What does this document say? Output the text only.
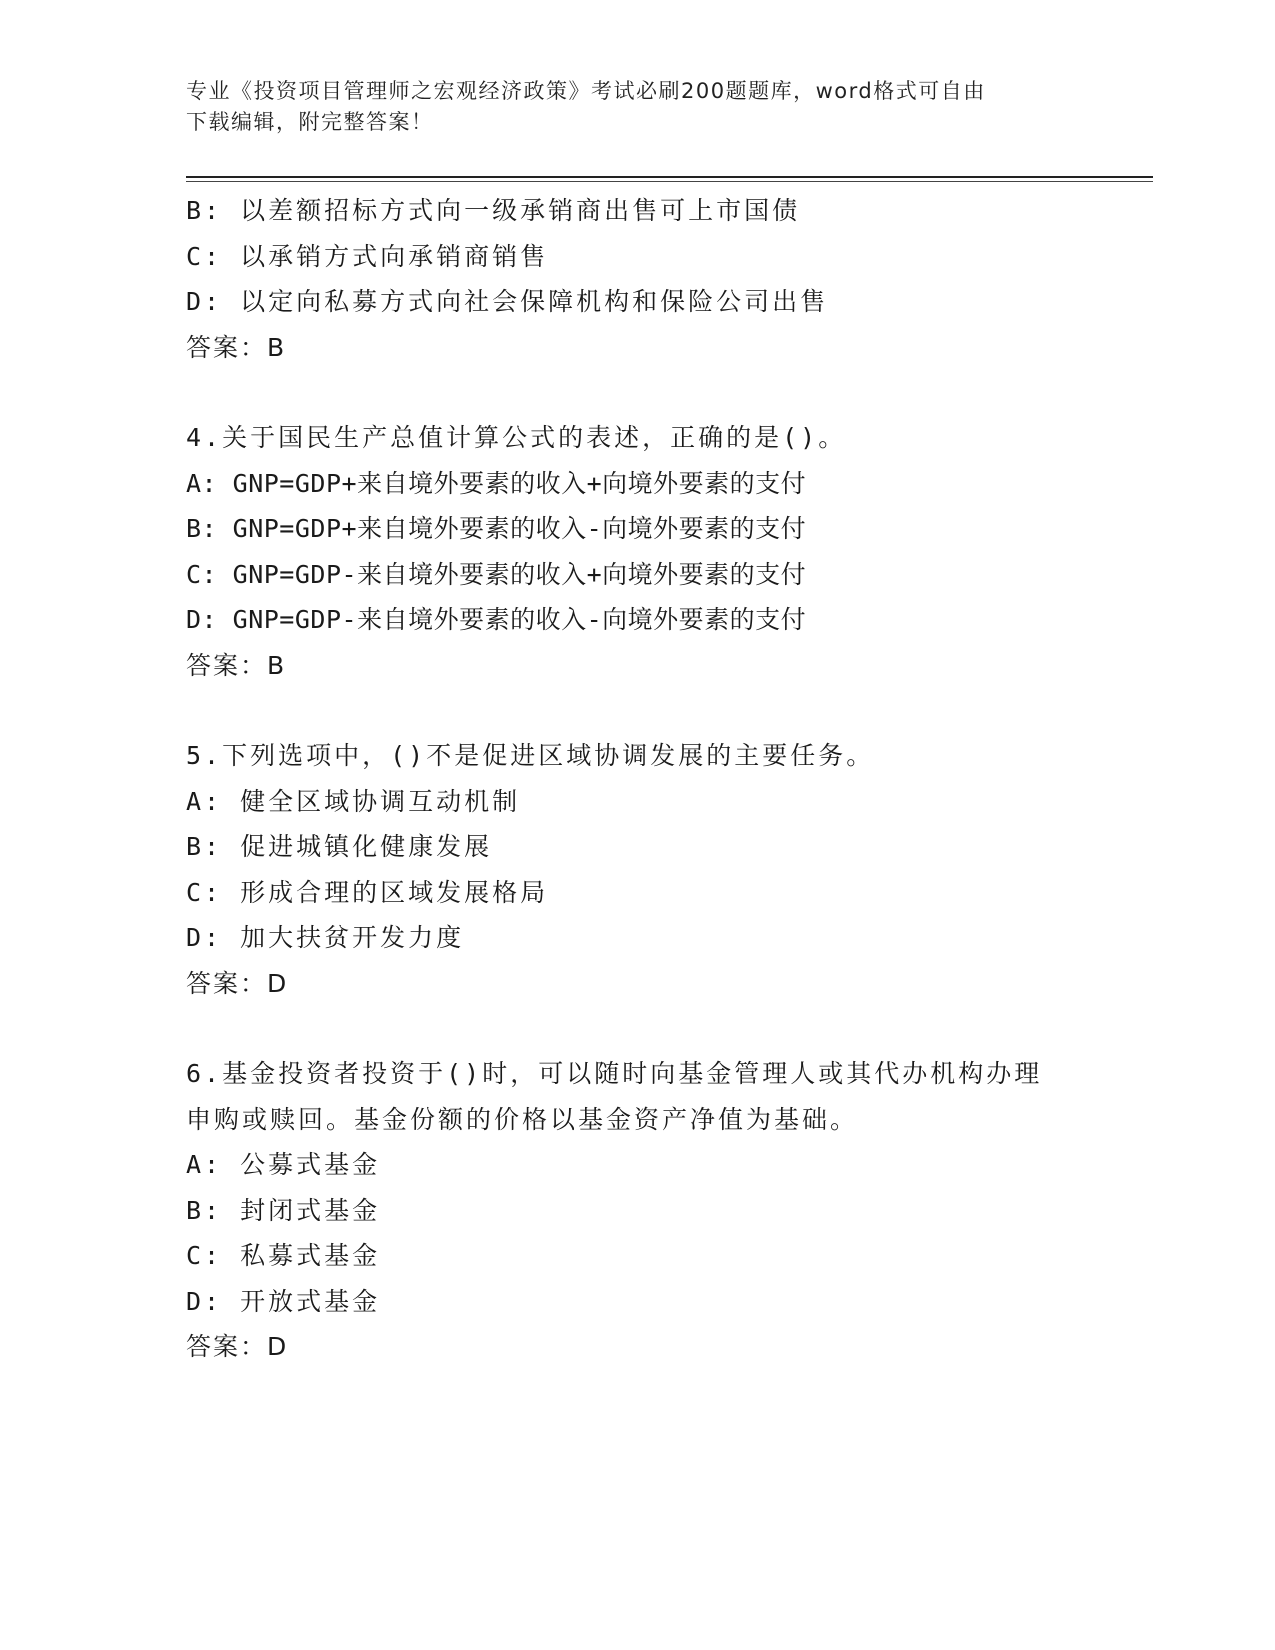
专业《投资项目管理师之宏观经济政策》考试必刷200题题库，word格式可自由
下载编辑，附完整答案！
B: 以差额招标方式向一级承销商出售可上市国债
C: 以承销方式向承销商销售
D: 以定向私募方式向社会保障机构和保险公司出售
答案：B
4.关于国民生产总值计算公式的表述，正确的是()。
A: GNP=GDP+来自境外要素的收入+向境外要素的支付
B: GNP=GDP+来自境外要素的收入-向境外要素的支付
C: GNP=GDP-来自境外要素的收入+向境外要素的支付
D: GNP=GDP-来自境外要素的收入-向境外要素的支付
答案：B
5.下列选项中，()不是促进区域协调发展的主要任务。
A: 健全区域协调互动机制
B: 促进城镇化健康发展
C: 形成合理的区域发展格局
D: 加大扶贫开发力度
答案：D
6.基金投资者投资于()时，可以随时向基金管理人或其代办机构办理
申购或赎回。基金份额的价格以基金资产净值为基础。
A: 公募式基金
B: 封闭式基金
C: 私募式基金
D: 开放式基金
答案：D
